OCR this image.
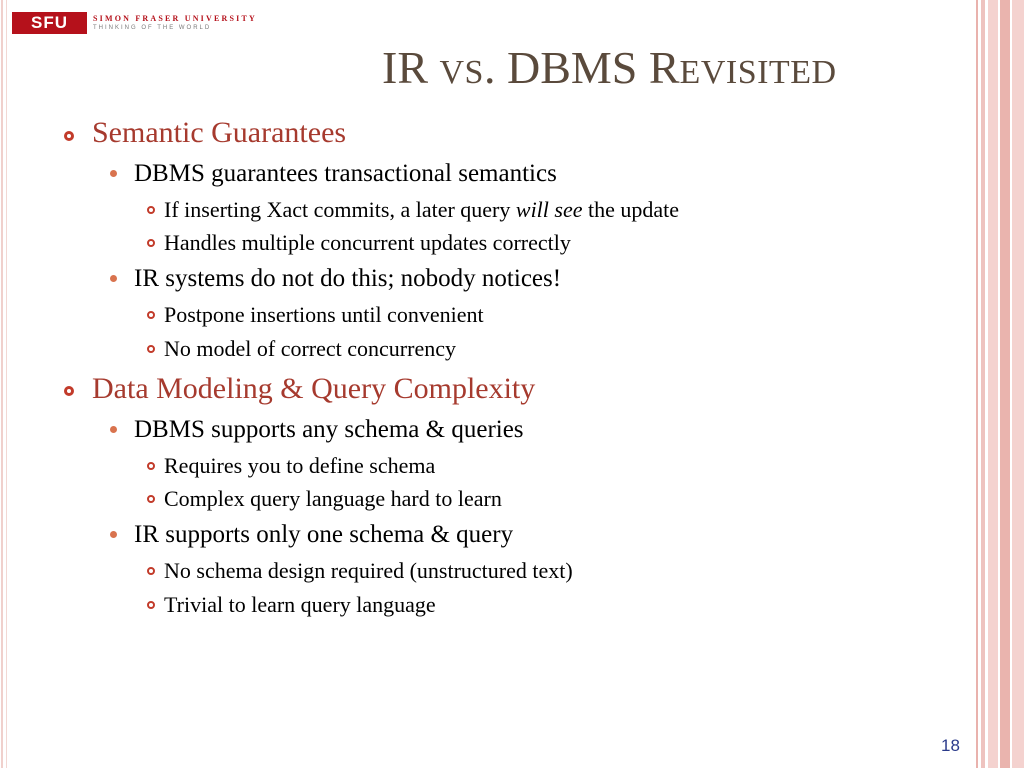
SFU	SIMON FRASER UNIVERSITY
THINKING OF THE WORLD
IR VS. DBMS REVISITED
Semantic Guarantees
DBMS guarantees transactional semantics
If inserting Xact commits, a later query will see the update
Handles multiple concurrent updates correctly
IR systems do not do this; nobody notices!
Postpone insertions until convenient
No model of correct concurrency
Data Modeling & Query Complexity
DBMS supports any schema & queries
Requires you to define schema
Complex query language hard to learn
IR supports only one schema & query
No schema design required (unstructured text)
Trivial to learn query language
18
